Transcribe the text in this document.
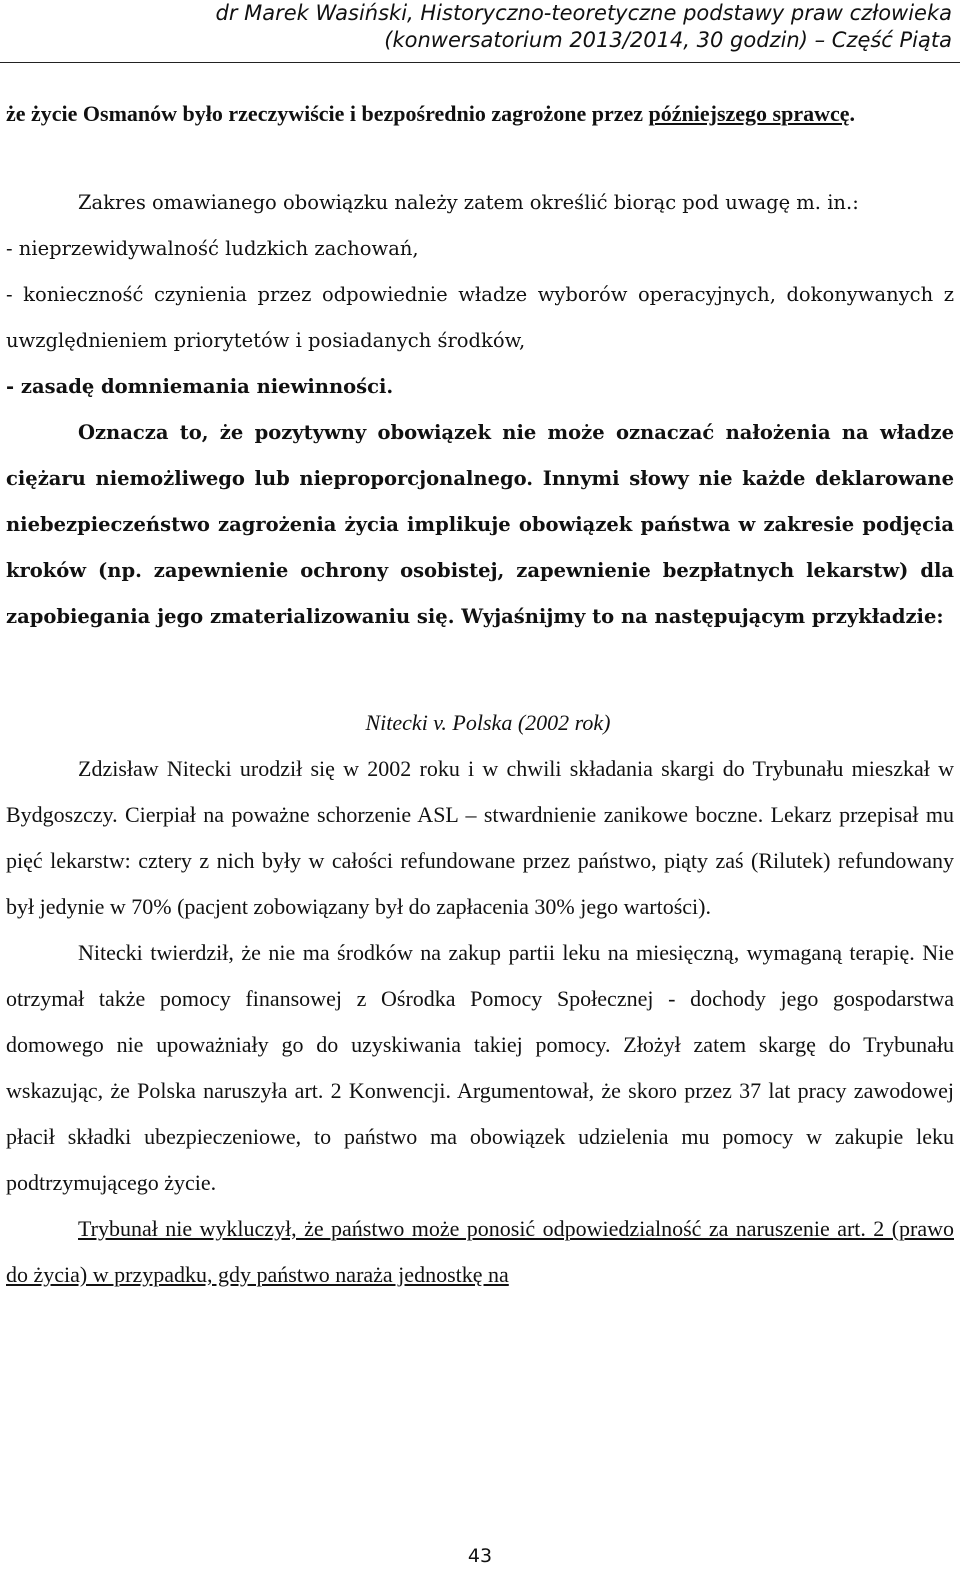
dr Marek Wasiński, Historyczno-teoretyczne podstawy praw człowieka
(konwersatorium 2013/2014, 30 godzin) – Część Piąta

że życie Osmanów było rzeczywiście i bezpośrednio zagrożone przez późniejszego sprawcę.

Zakres omawianego obowiązku należy zatem określić biorąc pod uwagę m. in.:

- nieprzewidywalność ludzkich zachowań,

- konieczność czynienia przez odpowiednie władze wyborów operacyjnych, dokonywanych z uwzględnieniem priorytetów i posiadanych środków,

- zasadę domniemania niewinności.

Oznacza to, że pozytywny obowiązek nie może oznaczać nałożenia na władze ciężaru niemożliwego lub nieproporcjonalnego. Innymi słowy nie każde deklarowane niebezpieczeństwo zagrożenia życia implikuje obowiązek państwa w zakresie podjęcia kroków (np. zapewnienie ochrony osobistej, zapewnienie bezpłatnych lekarstw) dla zapobiegania jego zmaterializowaniu się. Wyjaśnijmy to na następującym przykładzie:

Nitecki v. Polska (2002 rok)

Zdzisław Nitecki urodził się w 2002 roku i w chwili składania skargi do Trybunału mieszkał w Bydgoszczy. Cierpiał na poważne schorzenie ASL – stwardnienie zanikowe boczne. Lekarz przepisał mu pięć lekarstw: cztery z nich były w całości refundowane przez państwo, piąty zaś (Rilutek) refundowany był jedynie w 70% (pacjent zobowiązany był do zapłacenia 30% jego wartości).

Nitecki twierdził, że nie ma środków na zakup partii leku na miesięczną, wymaganą terapię. Nie otrzymał także pomocy finansowej z Ośrodka Pomocy Społecznej - dochody jego gospodarstwa domowego nie upoważniały go do uzyskiwania takiej pomocy. Złożył zatem skargę do Trybunału wskazując, że Polska naruszyła art. 2 Konwencji. Argumentował, że skoro przez 37 lat pracy zawodowej płacił składki ubezpieczeniowe, to państwo ma obowiązek udzielenia mu pomocy w zakupie leku podtrzymującego życie.

Trybunał nie wykluczył, że państwo może ponosić odpowiedzialność za naruszenie art. 2 (prawo do życia) w przypadku, gdy państwo naraża jednostkę na

43
